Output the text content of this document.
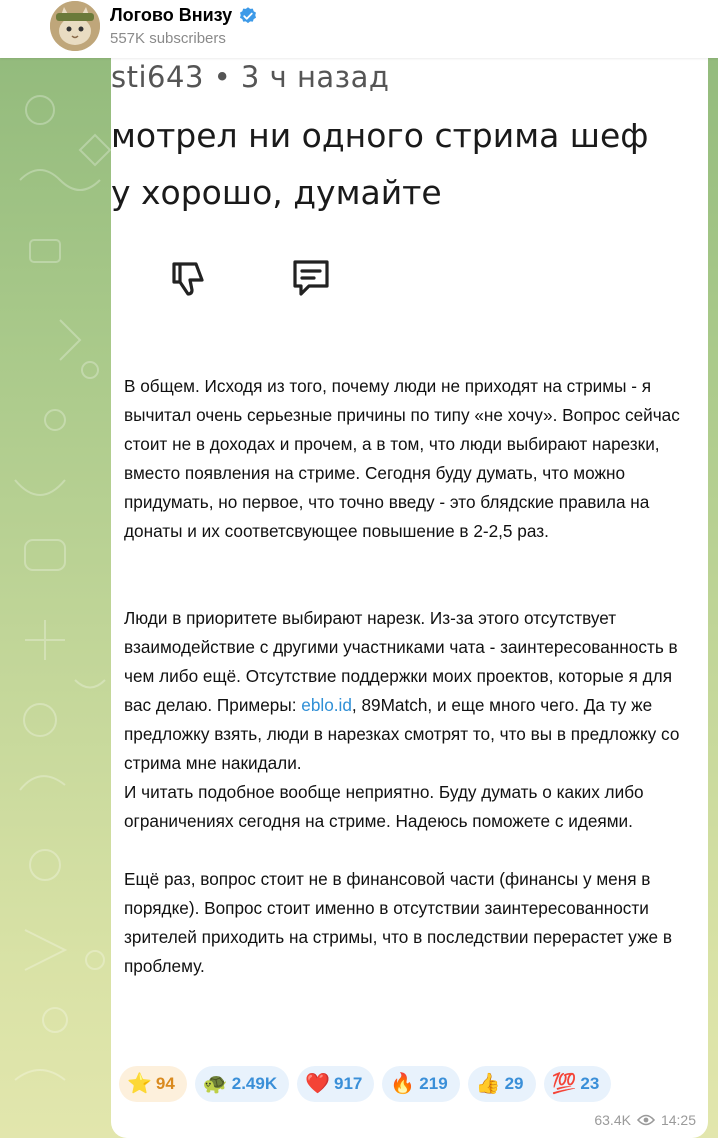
Логово Внизу
557K subscribers
sti643 • 3 ч назад
мотрел ни одного стрима шеф
у хорошо, думайте

В общем. Исходя из того, почему люди не приходят на стримы - я вычитал очень серьезные причины по типу «не хочу». Вопрос сейчас стоит не в доходах и прочем, а в том, что люди выбирают нарезки, вместо появления на стриме. Сегодня буду думать, что можно придумать, но первое, что точно введу - это блядские правила на донаты и их соответсвующее повышение в 2-2,5 раз.

Люди в приоритете выбирают нарезк. Из-за этого отсутствует взаимодействие с другими участниками чата - заинтересованность в чем либо ещё. Отсутствие поддержки моих проектов, которые я для вас делаю. Примеры: eblo.id, 89Match, и еще много чего. Да ту же предложку взять, люди в нарезках смотрят то, что вы в предложку со стрима мне накидали.

И читать подобное вообще неприятно. Буду думать о каких либо ограничениях сегодня на стриме. Надеюсь поможете с идеями.

Ещё раз, вопрос стоит не в финансовой части (финансы у меня в порядке). Вопрос стоит именно в отсутствии заинтересованности зрителей приходить на стримы, что в последствии перерастет уже в проблему.

⭐ 94 🐢 2.49K ❤️ 917 🔥 219 👍 29 💯 23
63.4K 14:25
